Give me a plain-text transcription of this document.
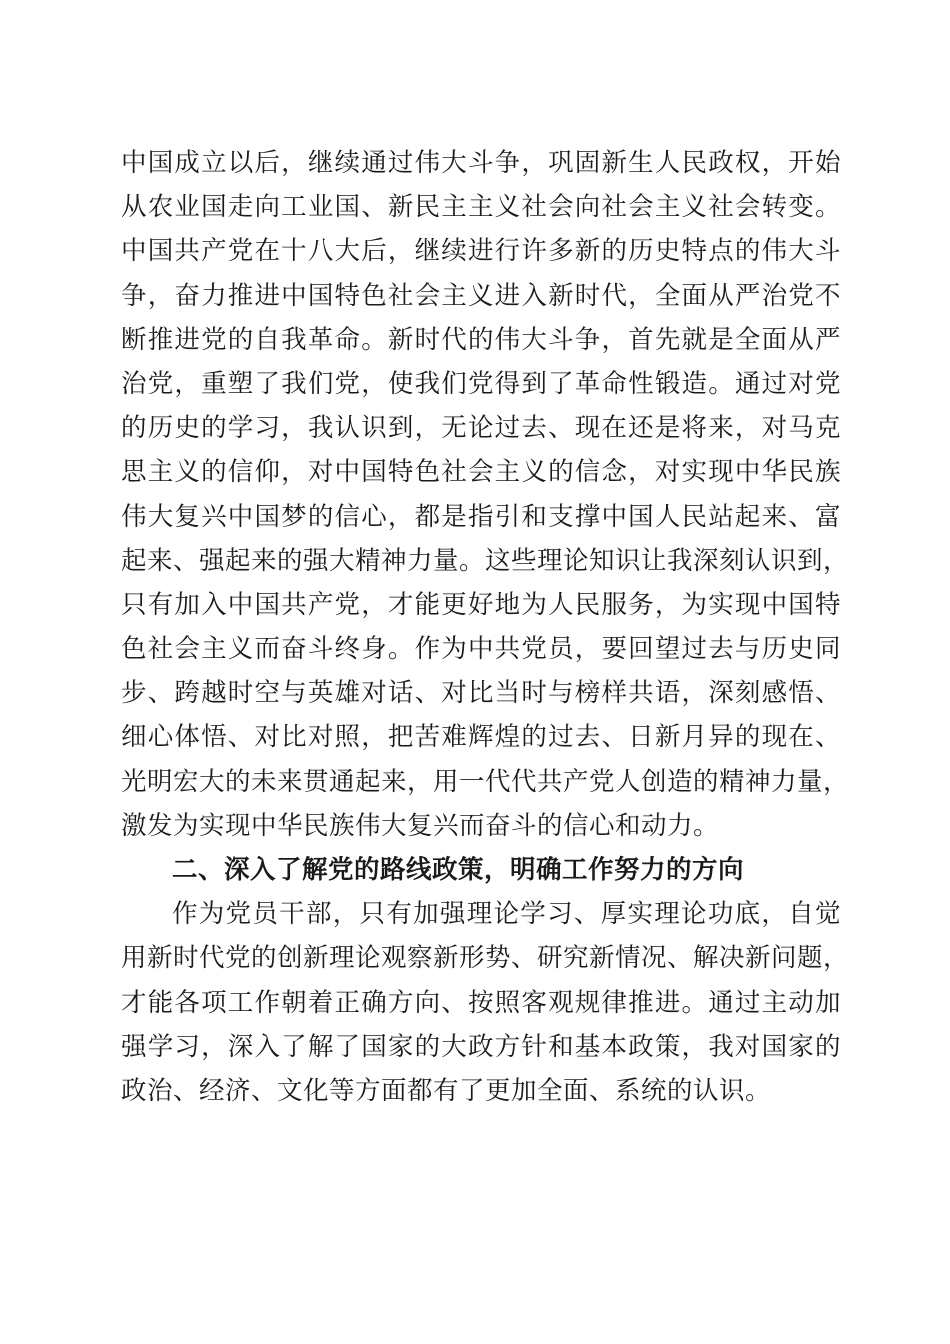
中国成立以后，继续通过伟大斗争，巩固新生人民政权，开始
从农业国走向工业国、新民主主义社会向社会主义社会转变。
中国共产党在十八大后，继续进行许多新的历史特点的伟大斗
争，奋力推进中国特色社会主义进入新时代，全面从严治党不
断推进党的自我革命。新时代的伟大斗争，首先就是全面从严
治党，重塑了我们党，使我们党得到了革命性锻造。通过对党
的历史的学习，我认识到，无论过去、现在还是将来，对马克
思主义的信仰，对中国特色社会主义的信念，对实现中华民族
伟大复兴中国梦的信心，都是指引和支撑中国人民站起来、富
起来、强起来的强大精神力量。这些理论知识让我深刻认识到，
只有加入中国共产党，才能更好地为人民服务，为实现中国特
色社会主义而奋斗终身。作为中共党员，要回望过去与历史同
步、跨越时空与英雄对话、对比当时与榜样共语，深刻感悟、
细心体悟、对比对照，把苦难辉煌的过去、日新月异的现在、
光明宏大的未来贯通起来，用一代代共产党人创造的精神力量，
激发为实现中华民族伟大复兴而奋斗的信心和动力。
二、深入了解党的路线政策，明确工作努力的方向
作为党员干部，只有加强理论学习、厚实理论功底，自觉
用新时代党的创新理论观察新形势、研究新情况、解决新问题，
才能各项工作朝着正确方向、按照客观规律推进。通过主动加
强学习，深入了解了国家的大政方针和基本政策，我对国家的
政治、经济、文化等方面都有了更加全面、系统的认识。
